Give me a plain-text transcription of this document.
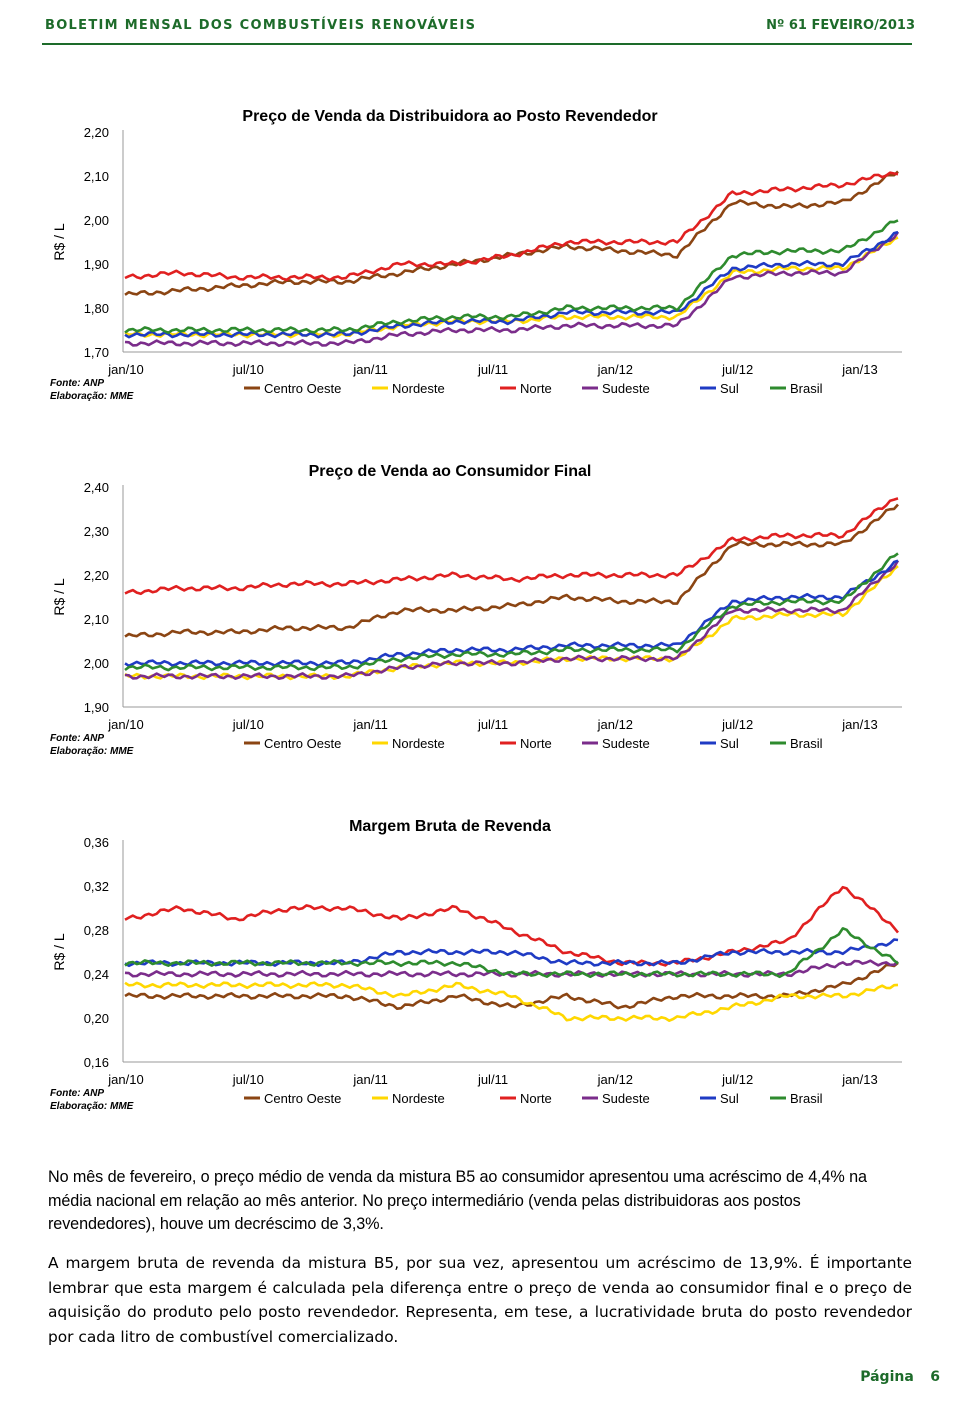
BOLETIM MENSAL DOS COMBUSTÍVEIS RENOVÁVEIS	Nº 61 FEVEIRO/2013
Preço de Venda da Distribuidora ao Posto Revendedor
1,70
1,80
1,90
2,00
2,10
2,20
R$ / L
jan/10	jul/10	jan/11	jul/11	jan/12	jul/12	jan/13
Fonte: ANP
Elaboração: MME
Centro Oeste	Nordeste	Norte	Sudeste	Sul	Brasil
Preço de Venda ao Consumidor Final
1,90
2,00
2,10
2,20
2,30
2,40
R$ / L
jan/10	jul/10	jan/11	jul/11	jan/12	jul/12	jan/13
Fonte: ANP
Elaboração: MME
Centro Oeste	Nordeste	Norte	Sudeste	Sul	Brasil
Margem Bruta de Revenda
0,16
0,20
0,24
0,28
0,32
0,36
R$ / L
jan/10	jul/10	jan/11	jul/11	jan/12	jul/12	jan/13
Fonte: ANP
Elaboração: MME
Centro Oeste	Nordeste	Norte	Sudeste	Sul	Brasil

No mês de fevereiro, o preço médio de venda da mistura B5 ao consumidor apresentou uma acréscimo de 4,4% na média nacional em relação ao mês anterior. No preço intermediário (venda pelas distribuidoras aos postos revendedores), houve um decréscimo de 3,3%.

A margem bruta de revenda da mistura B5, por sua vez, apresentou um acréscimo de 13,9%. É importante lembrar que esta margem é calculada pela diferença entre o preço de venda ao consumidor final e o preço de aquisição do produto pelo posto revendedor. Representa, em tese, a lucratividade bruta do posto revendedor por cada litro de combustível comercializado.

Página 6
